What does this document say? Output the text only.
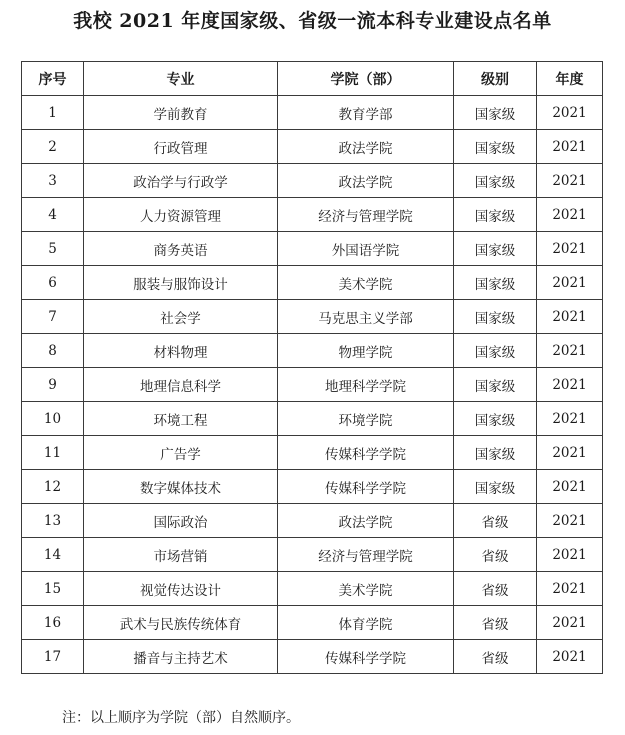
我校 2021 年度国家级、省级一流本科专业建设点名单
序号	专业	学院（部）	级别	年度
1	学前教育	教育学部	国家级	2021
2	行政管理	政法学院	国家级	2021
3	政治学与行政学	政法学院	国家级	2021
4	人力资源管理	经济与管理学院	国家级	2021
5	商务英语	外国语学院	国家级	2021
6	服装与服饰设计	美术学院	国家级	2021
7	社会学	马克思主义学部	国家级	2021
8	材料物理	物理学院	国家级	2021
9	地理信息科学	地理科学学院	国家级	2021
10	环境工程	环境学院	国家级	2021
11	广告学	传媒科学学院	国家级	2021
12	数字媒体技术	传媒科学学院	国家级	2021
13	国际政治	政法学院	省级	2021
14	市场营销	经济与管理学院	省级	2021
15	视觉传达设计	美术学院	省级	2021
16	武术与民族传统体育	体育学院	省级	2021
17	播音与主持艺术	传媒科学学院	省级	2021
注：以上顺序为学院（部）自然顺序。
